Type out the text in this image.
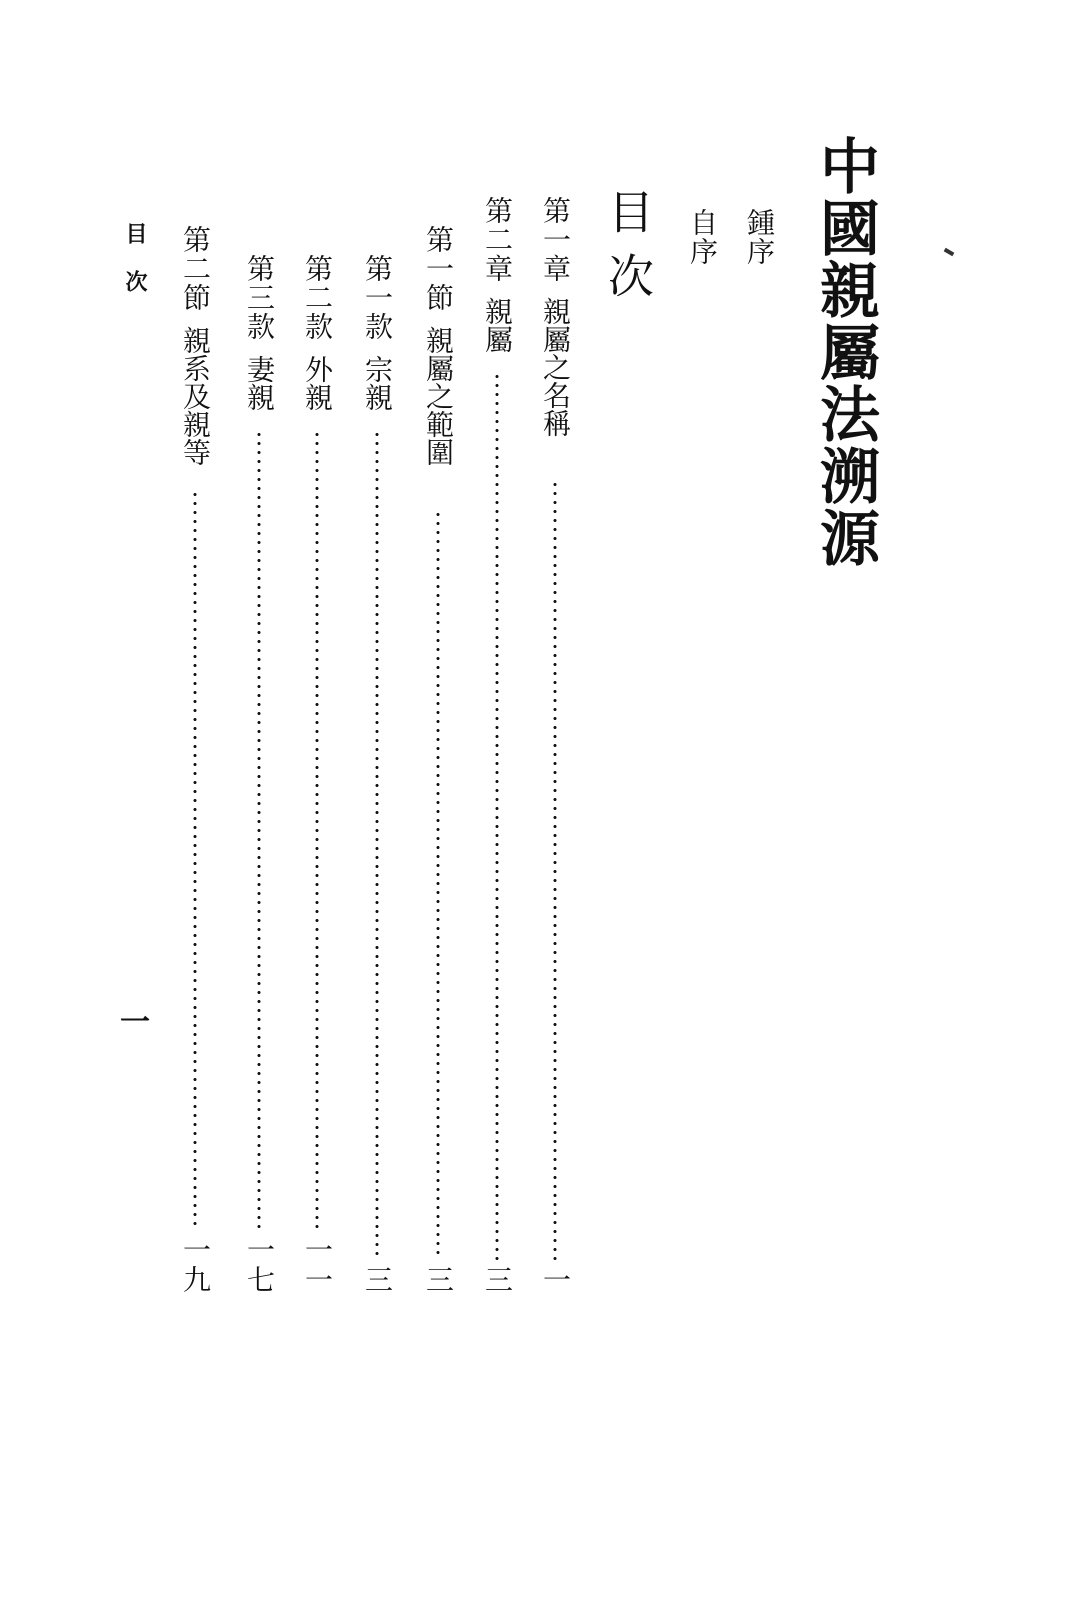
中國親屬法溯源
鍾序
自序
目次
第一章親屬之名稱
一
第二章親屬
三
第一節親屬之範圍
三
第一款宗親
三
第二款外親
一一
第三款妻親
一七
第二節親系及親等
一九
目次
一
